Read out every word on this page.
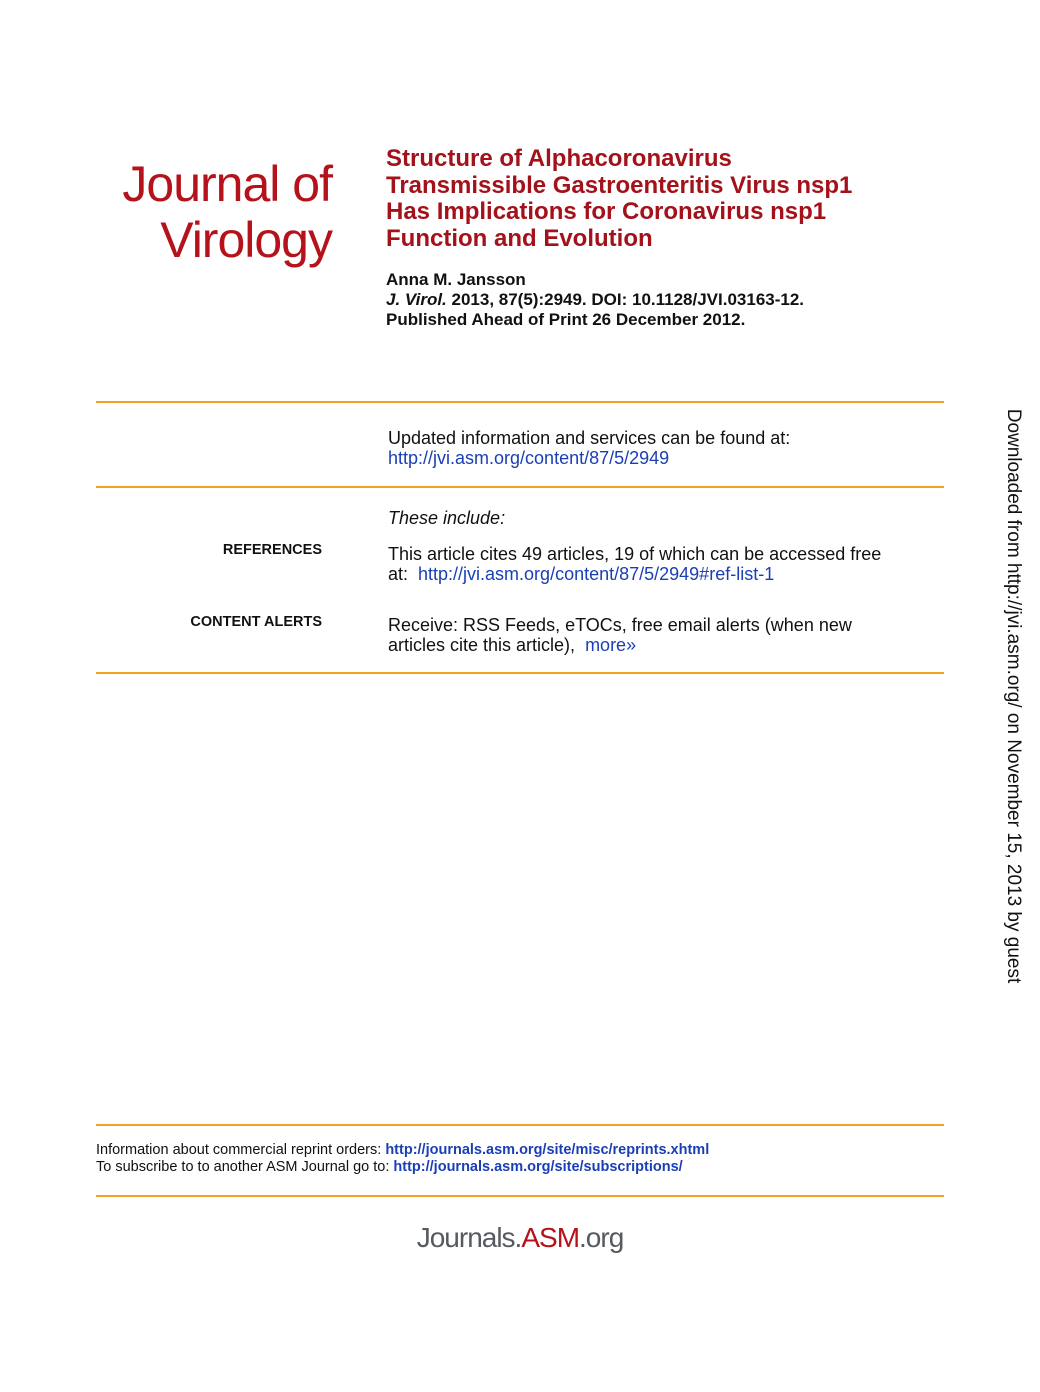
Journal of
Virology
Structure of Alphacoronavirus
Transmissible Gastroenteritis Virus nsp1
Has Implications for Coronavirus nsp1
Function and Evolution
Anna M. Jansson
J. Virol. 2013, 87(5):2949. DOI: 10.1128/JVI.03163-12.
Published Ahead of Print 26 December 2012.
Updated information and services can be found at:
http://jvi.asm.org/content/87/5/2949
These include:
REFERENCES	This article cites 49 articles, 19 of which can be accessed free
at:  http://jvi.asm.org/content/87/5/2949#ref-list-1
CONTENT ALERTS	Receive: RSS Feeds, eTOCs, free email alerts (when new
articles cite this article),  more»
Information about commercial reprint orders: http://journals.asm.org/site/misc/reprints.xhtml
To subscribe to to another ASM Journal go to: http://journals.asm.org/site/subscriptions/
Journals.ASM.org
Downloaded from http://jvi.asm.org/ on November 15, 2013 by guest
